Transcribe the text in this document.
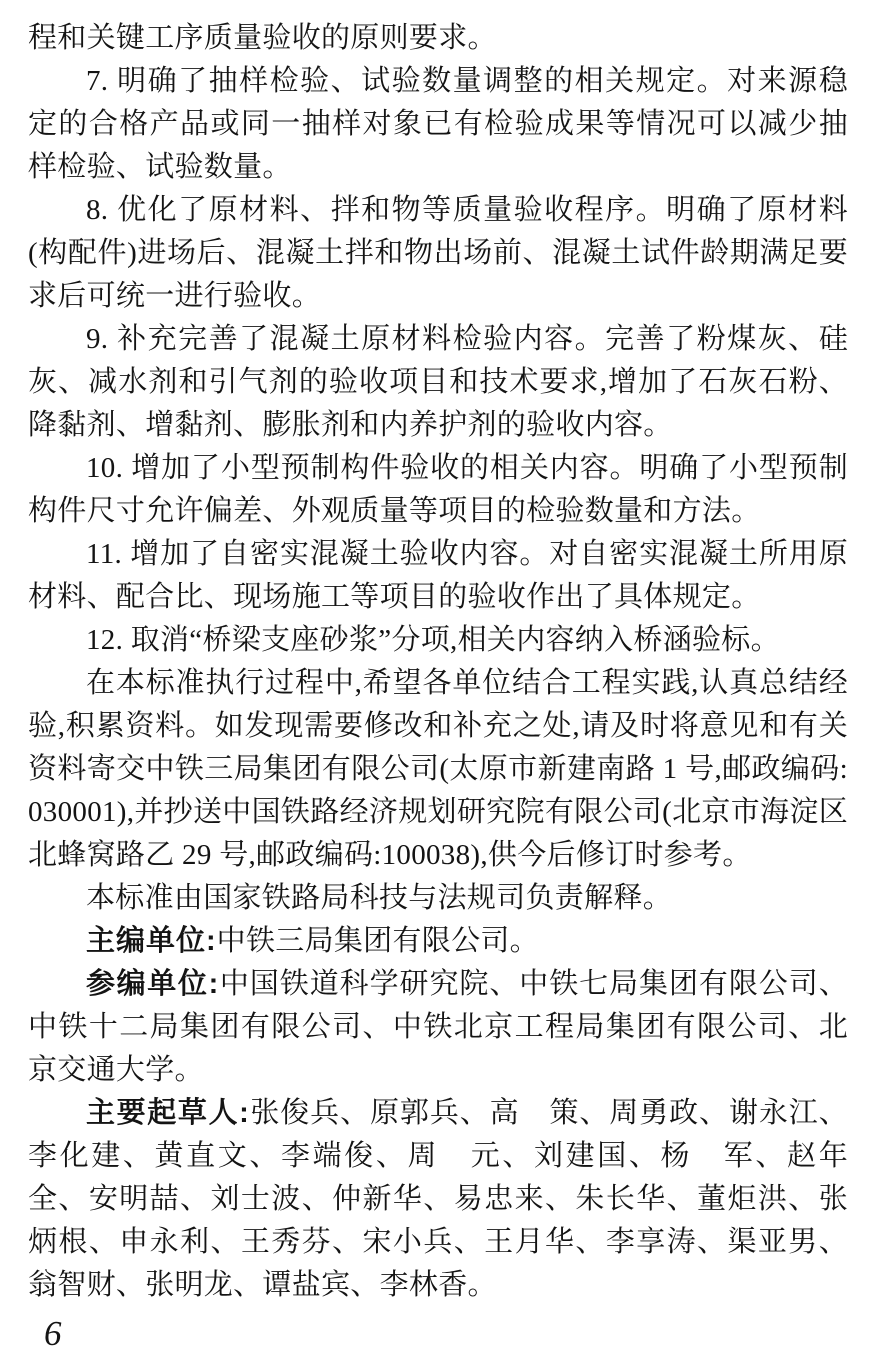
程和关键工序质量验收的原则要求。

7. 明确了抽样检验、试验数量调整的相关规定。对来源稳定的合格产品或同一抽样对象已有检验成果等情况可以减少抽样检验、试验数量。

8. 优化了原材料、拌和物等质量验收程序。明确了原材料(构配件)进场后、混凝土拌和物出场前、混凝土试件龄期满足要求后可统一进行验收。

9. 补充完善了混凝土原材料检验内容。完善了粉煤灰、硅灰、减水剂和引气剂的验收项目和技术要求,增加了石灰石粉、降黏剂、增黏剂、膨胀剂和内养护剂的验收内容。

10. 增加了小型预制构件验收的相关内容。明确了小型预制构件尺寸允许偏差、外观质量等项目的检验数量和方法。

11. 增加了自密实混凝土验收内容。对自密实混凝土所用原材料、配合比、现场施工等项目的验收作出了具体规定。

12. 取消“桥梁支座砂浆”分项,相关内容纳入桥涵验标。

在本标准执行过程中,希望各单位结合工程实践,认真总结经验,积累资料。如发现需要修改和补充之处,请及时将意见和有关资料寄交中铁三局集团有限公司(太原市新建南路 1 号,邮政编码:030001),并抄送中国铁路经济规划研究院有限公司(北京市海淀区北蜂窝路乙 29 号,邮政编码:100038),供今后修订时参考。

本标准由国家铁路局科技与法规司负责解释。

主编单位:中铁三局集团有限公司。

参编单位:中国铁道科学研究院、中铁七局集团有限公司、中铁十二局集团有限公司、中铁北京工程局集团有限公司、北京交通大学。

主要起草人:张俊兵、原郭兵、高　策、周勇政、谢永江、李化建、黄直文、李端俊、周　元、刘建国、杨　军、赵年全、安明喆、刘士波、仲新华、易忠来、朱长华、董炬洪、张炳根、申永利、王秀芬、宋小兵、王月华、李享涛、渠亚男、翁智财、张明龙、谭盐宾、李林香。

6
